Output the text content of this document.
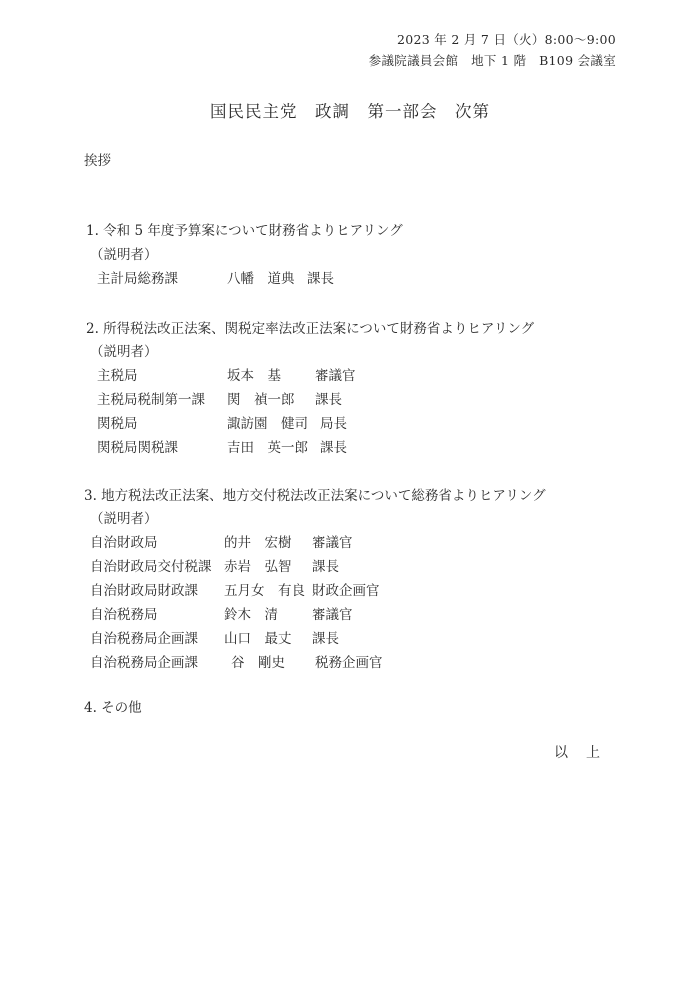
2023 年 2 月 7 日（火）8:00～9:00
参議院議員会館　地下 1 階　B109 会議室
国民民主党　政調　第一部会　次第
挨拶
1. 令和 5 年度予算案について財務省よりヒアリング
（説明者）
主計局総務課	八幡　道典 課長
2. 所得税法改正法案、関税定率法改正法案について財務省よりヒアリング
（説明者）
主税局	坂本　基	審議官
主税局税制第一課 関　禎一郎 課長
関税局	諏訪園　健司 局長
関税局関税課	吉田　英一郎 課長
3. 地方税法改正法案、地方交付税法改正法案について総務省よりヒアリング
（説明者）
自治財政局	的井　宏樹 審議官
自治財政局交付税課 赤岩　弘智 課長
自治財政局財政課 五月女　有良 財政企画官
自治税務局	鈴木　清	審議官
自治税務局企画課 山口　最丈 課長
自治税務局企画課 谷　剛史 税務企画官
4. その他
以　上
